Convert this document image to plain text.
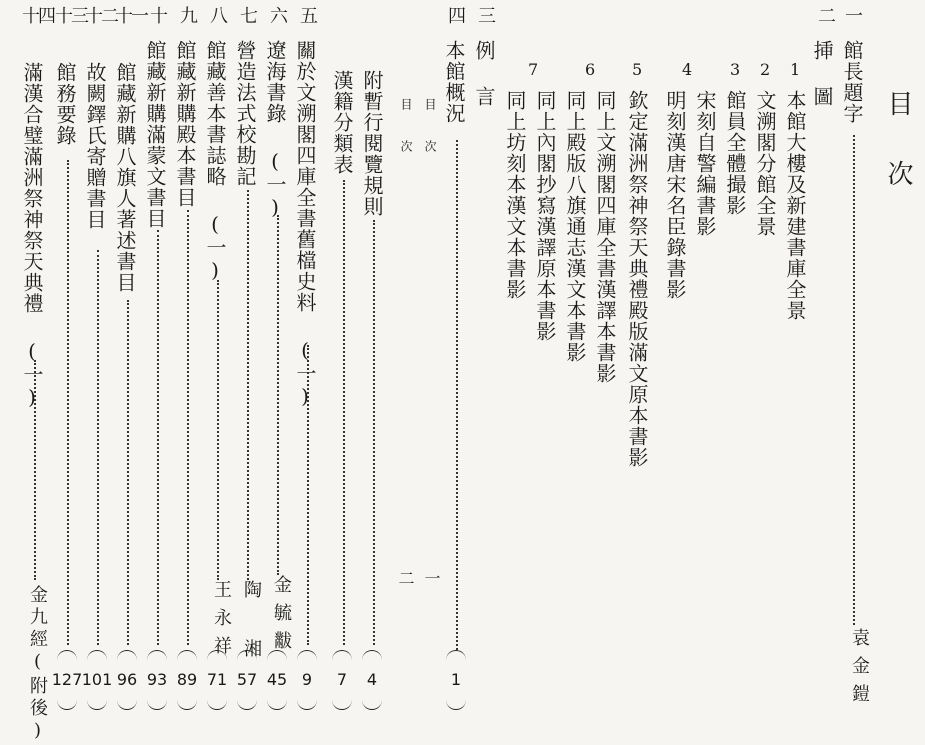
目 次
一
館長題字
袁金鎧
二
挿 圖
1
本館大樓及新建書庫全景
2
文溯閣分館全景
3
館員全體撮影
4
宋刻自警編書影
明刻漢唐宋名臣錄書影
5
欽定滿洲祭神祭天典禮殿版滿文原本書影
6
同上文溯閣四庫全書漢譯本書影
同上殿版八旗通志漢文本書影
7
同上內閣抄寫漢譯原本書影
同上坊刻本漢文本書影
三
例 言
四
本館概況
1
目
次
目
次
一
二
附暫行閱覽規則
4
漢籍分類表
7
五
關於文溯閣四庫全書舊檔史料 (一)
9
六
遼海書錄 (一)
金毓黻
45
七
營造法式校勘記
陶 湘
57
八
館藏善本書誌略 (一)
王永祥
71
九
館藏新購殿本書目
89
十
館藏新購滿蒙文書目
93
十一
館藏新購八旗人著述書目
96
十二
故闕鐸氏寄贈書目
101
十三
館務要錄
127
十四
滿漢合璧滿洲祭神祭天典禮 (一)
金九經(附後)
